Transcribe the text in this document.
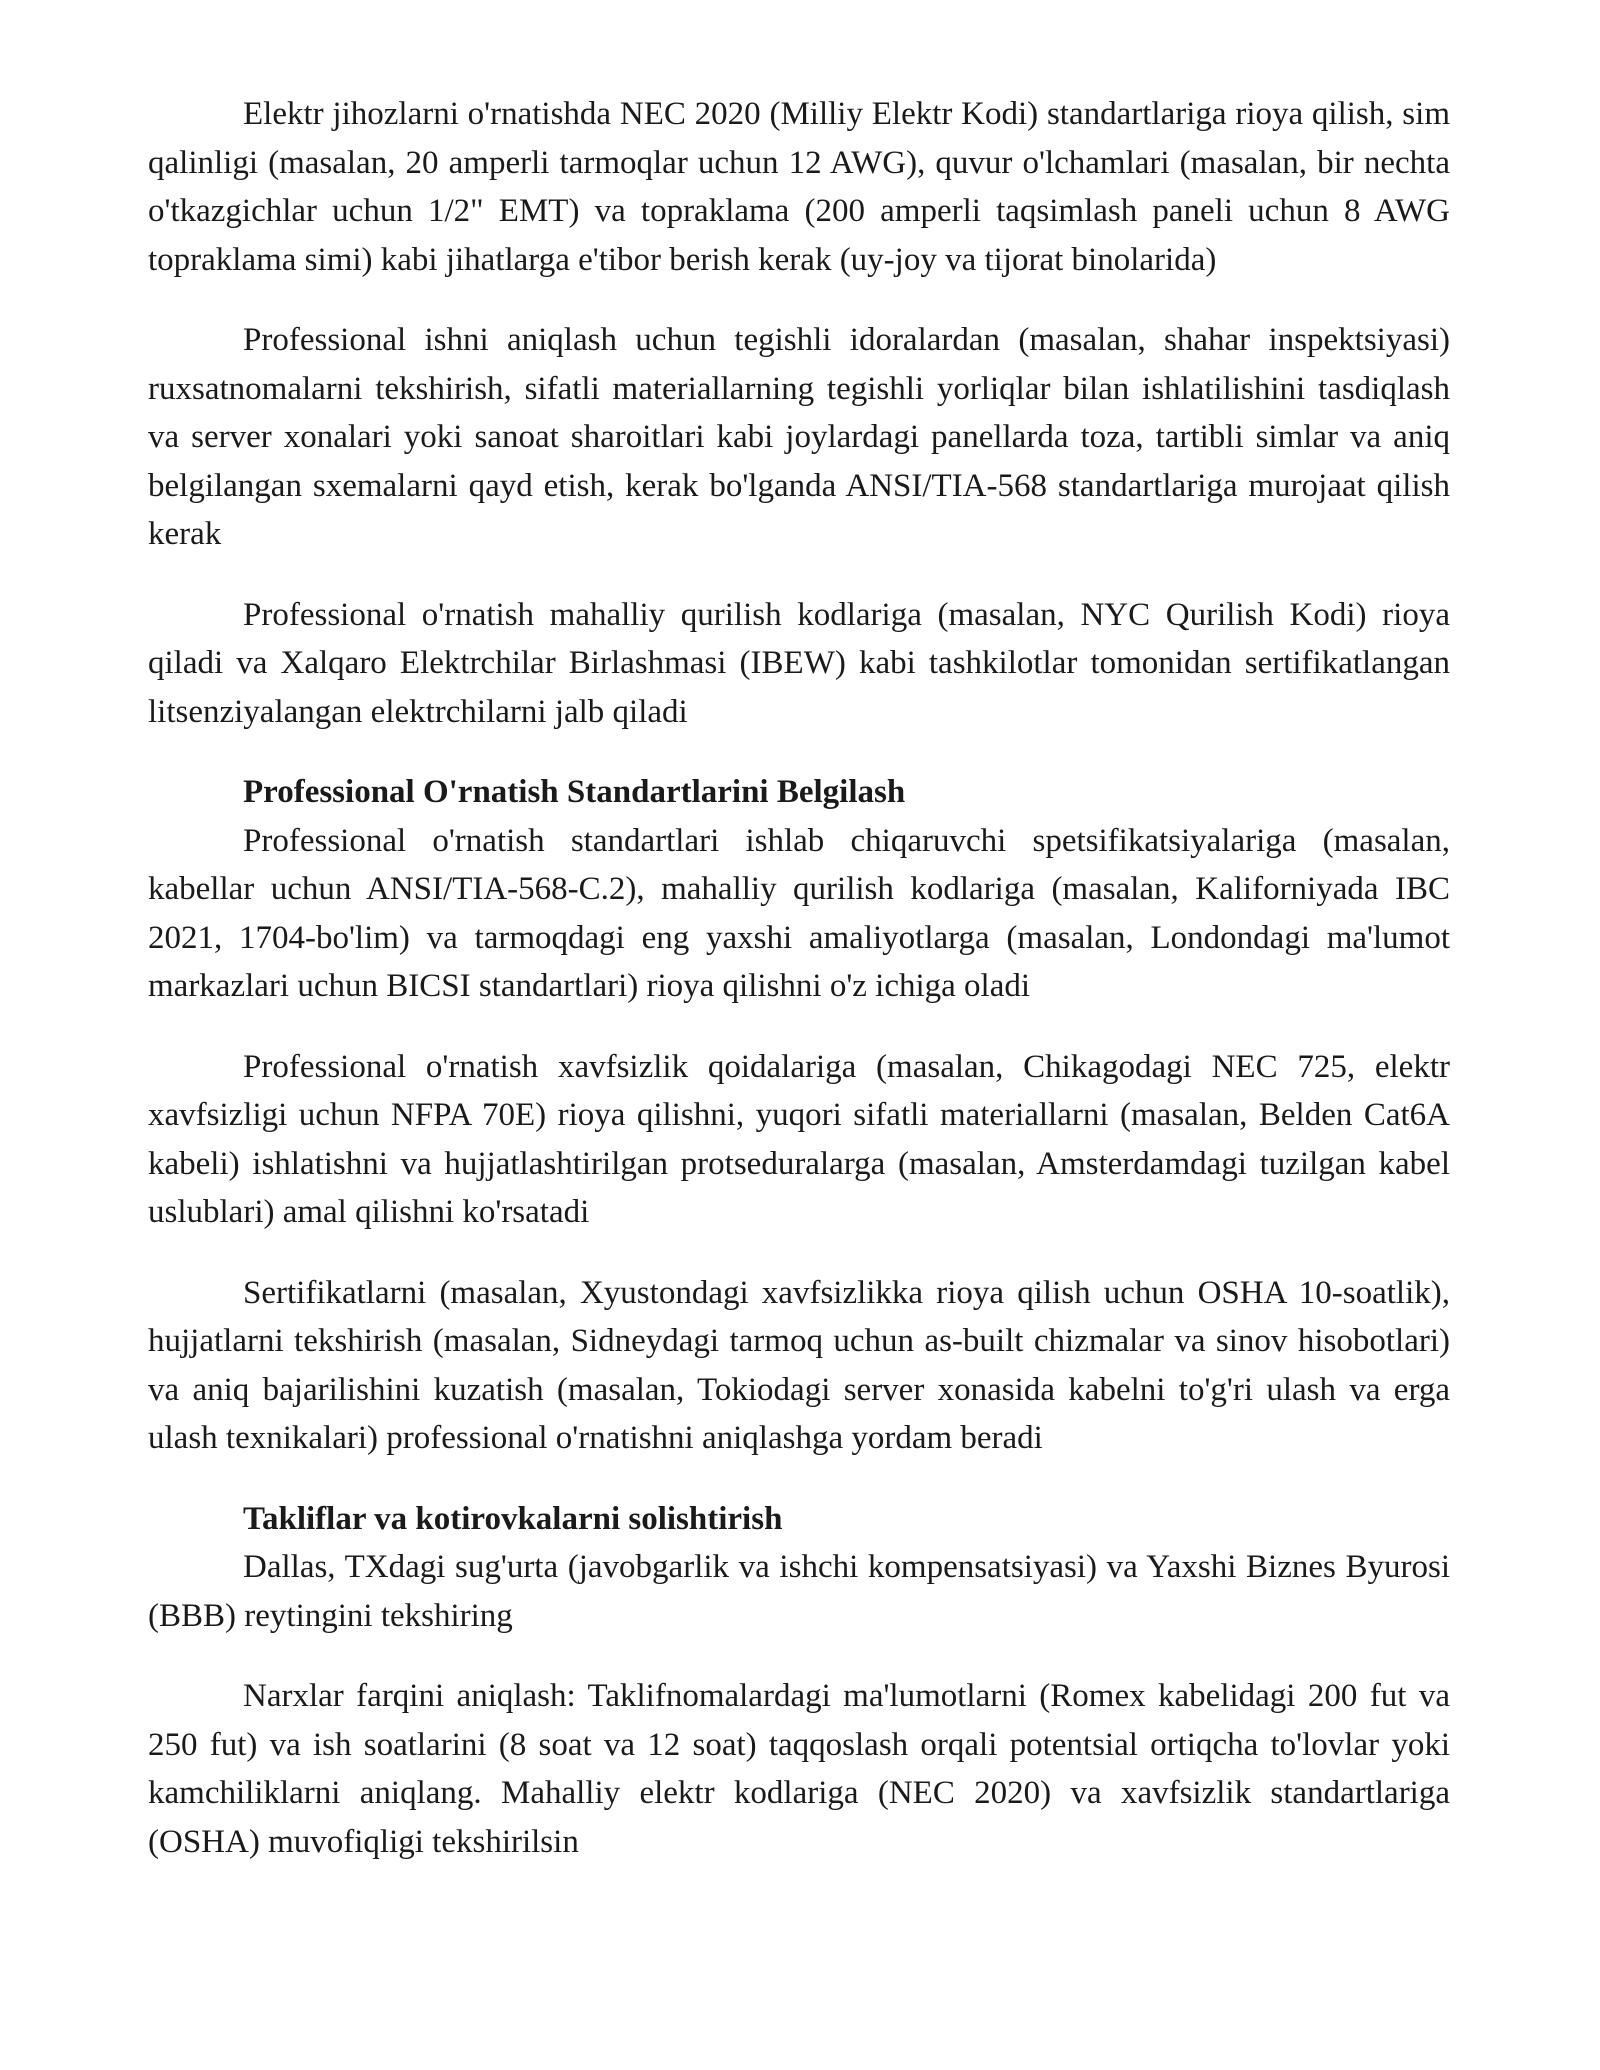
Elektr jihozlarni o'rnatishda NEC 2020 (Milliy Elektr Kodi) standartlariga rioya qilish, sim qalinligi (masalan, 20 amperli tarmoqlar uchun 12 AWG), quvur o'lchamlari (masalan, bir nechta o'tkazgichlar uchun 1/2" EMT) va topraklama (200 amperli taqsimlash paneli uchun 8 AWG topraklama simi) kabi jihatlarga e'tibor berish kerak (uy-joy va tijorat binolarida)

Professional ishni aniqlash uchun tegishli idoralardan (masalan, shahar inspektsiyasi) ruxsatnomalarni tekshirish, sifatli materiallarning tegishli yorliqlar bilan ishlatilishini tasdiqlash va server xonalari yoki sanoat sharoitlari kabi joylardagi panellarda toza, tartibli simlar va aniq belgilangan sxemalarni qayd etish, kerak bo'lganda ANSI/TIA-568 standartlariga murojaat qilish kerak

Professional o'rnatish mahalliy qurilish kodlariga (masalan, NYC Qurilish Kodi) rioya qiladi va Xalqaro Elektrchilar Birlashmasi (IBEW) kabi tashkilotlar tomonidan sertifikatlangan litsenziyalangan elektrchilarni jalb qiladi

Professional O'rnatish Standartlarini Belgilash

Professional o'rnatish standartlari ishlab chiqaruvchi spetsifikatsiyalariga (masalan, kabellar uchun ANSI/TIA-568-C.2), mahalliy qurilish kodlariga (masalan, Kaliforniyada IBC 2021, 1704-bo'lim) va tarmoqdagi eng yaxshi amaliyotlarga (masalan, Londondagi ma'lumot markazlari uchun BICSI standartlari) rioya qilishni o'z ichiga oladi

Professional o'rnatish xavfsizlik qoidalariga (masalan, Chikagodagi NEC 725, elektr xavfsizligi uchun NFPA 70E) rioya qilishni, yuqori sifatli materiallarni (masalan, Belden Cat6A kabeli) ishlatishni va hujjatlashtirilgan protseduralarga (masalan, Amsterdamdagi tuzilgan kabel uslublari) amal qilishni ko'rsatadi

Sertifikatlarni (masalan, Xyustondagi xavfsizlikka rioya qilish uchun OSHA 10-soatlik), hujjatlarni tekshirish (masalan, Sidneydagi tarmoq uchun as-built chizmalar va sinov hisobotlari) va aniq bajarilishini kuzatish (masalan, Tokiodagi server xonasida kabelni to'g'ri ulash va erga ulash texnikalari) professional o'rnatishni aniqlashga yordam beradi

Takliflar va kotirovkalarni solishtirish

Dallas, TXdagi sug'urta (javobgarlik va ishchi kompensatsiyasi) va Yaxshi Biznes Byurosi (BBB) reytingini tekshiring

Narxlar farqini aniqlash: Taklifnomalardagi ma'lumotlarni (Romex kabelidagi 200 fut va 250 fut) va ish soatlarini (8 soat va 12 soat) taqqoslash orqali potentsial ortiqcha to'lovlar yoki kamchiliklarni aniqlang. Mahalliy elektr kodlariga (NEC 2020) va xavfsizlik standartlariga (OSHA) muvofiqligi tekshirilsin
